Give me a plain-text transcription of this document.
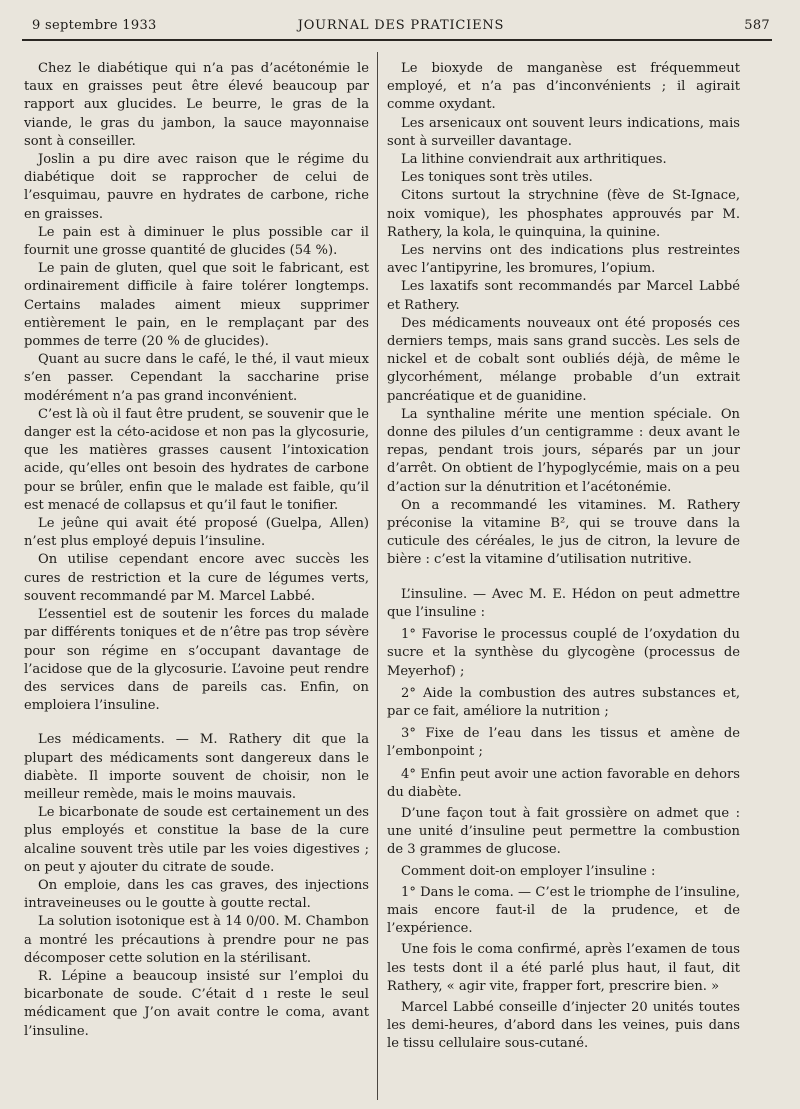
9 septembre 1933	JOURNAL DES PRATICIENS	587

Chez le diabétique qui n’a pas d’acétonémie le taux en graisses peut être élevé beaucoup par rapport aux glucides. Le beurre, le gras de la viande, le gras du jambon, la sauce mayonnaise sont à conseiller.

Joslin a pu dire avec raison que le régime du diabétique doit se rapprocher de celui de l’esquimau, pauvre en hydrates de carbone, riche en graisses.

Le pain est à diminuer le plus possible car il fournit une grosse quantité de glucides (54 %).

Le pain de gluten, quel que soit le fabricant, est ordinairement difficile à faire tolérer longtemps. Certains malades aiment mieux supprimer entièrement le pain, en le remplaçant par des pommes de terre (20 % de glucides).

Quant au sucre dans le café, le thé, il vaut mieux s’en passer. Cependant la saccharine prise modérément n’a pas grand inconvénient.

C’est là où il faut être prudent, se souvenir que le danger est la céto-acidose et non pas la glycosurie, que les matières grasses causent l’intoxication acide, qu’elles ont besoin des hydrates de carbone pour se brûler, enfin que le malade est faible, qu’il est menacé de collapsus et qu’il faut le tonifier.

Le jeûne qui avait été proposé (Guelpa, Allen) n’est plus employé depuis l’insuline.

On utilise cependant encore avec succès les cures de restriction et la cure de légumes verts, souvent recommandé par M. Marcel Labbé.

L’essentiel est de soutenir les forces du malade par différents toniques et de n’être pas trop sévère pour son régime en s’occupant davantage de l’acidose que de la glycosurie. L’avoine peut rendre des services dans de pareils cas. Enfin, on emploiera l’insuline.

Les médicaments. — M. Rathery dit que la plupart des médicaments sont dangereux dans le diabète. Il importe souvent de choisir, non le meilleur remède, mais le moins mauvais.

Le bicarbonate de soude est certainement un des plus employés et constitue la base de la cure alcaline souvent très utile par les voies digestives ; on peut y ajouter du citrate de soude.

On emploie, dans les cas graves, des injections intraveineuses ou le goutte à goutte rectal.

La solution isotonique est à 14 0/00. M. Chambon a montré les précautions à prendre pour ne pas décomposer cette solution en la stérilisant.

R. Lépine a beaucoup insisté sur l’emploi du bicarbonate de soude. C’était d ı reste le seul médicament que J’on avait contre le coma, avant l’insuline.

Le bioxyde de manganèse est fréquemmeut employé, et n’a pas d’inconvénients ; il agirait comme oxydant.

Les arsenicaux ont souvent leurs indications, mais sont à surveiller davantage.

La lithine conviendrait aux arthritiques.

Les toniques sont très utiles.

Citons surtout la strychnine (fève de St-Ignace, noix vomique), les phosphates approuvés par M. Rathery, la kola, le quinquina, la quinine.

Les nervins ont des indications plus restreintes avec l’antipyrine, les bromures, l’opium.

Les laxatifs sont recommandés par Marcel Labbé et Rathery.

Des médicaments nouveaux ont été proposés ces derniers temps, mais sans grand succès. Les sels de nickel et de cobalt sont oubliés déjà, de même le glycorhément, mélange probable d’un extrait pancréatique et de guanidine.

La synthaline mérite une mention spéciale. On donne des pilules d’un centigramme : deux avant le repas, pendant trois jours, séparés par un jour d’arrêt. On obtient de l’hypoglycémie, mais on a peu d’action sur la dénutrition et l’acétonémie.

On a recommandé les vitamines. M. Rathery préconise la vitamine B², qui se trouve dans la cuticule des céréales, le jus de citron, la levure de bière : c’est la vitamine d’utilisation nutritive.

L’insuline. — Avec M. E. Hédon on peut admettre que l’insuline :

1° Favorise le processus couplé de l’oxydation du sucre et la synthèse du glycogène (processus de Meyerhof) ;

2° Aide la combustion des autres substances et, par ce fait, améliore la nutrition ;

3° Fixe de l’eau dans les tissus et amène de l’embonpoint ;

4° Enfin peut avoir une action favorable en dehors du diabète.

D’une façon tout à fait grossière on admet que : une unité d’insuline peut permettre la combustion de 3 grammes de glucose.

Comment doit-on employer l’insuline :

1° Dans le coma. — C’est le triomphe de l’insuline, mais encore faut-il de la prudence, et de l’expérience.

Une fois le coma confirmé, après l’examen de tous les tests dont il a été parlé plus haut, il faut, dit Rathery, « agir vite, frapper fort, prescrire bien. »

Marcel Labbé conseille d’injecter 20 unités toutes les demi-heures, d’abord dans les veines, puis dans le tissu cellulaire sous-cutané.
